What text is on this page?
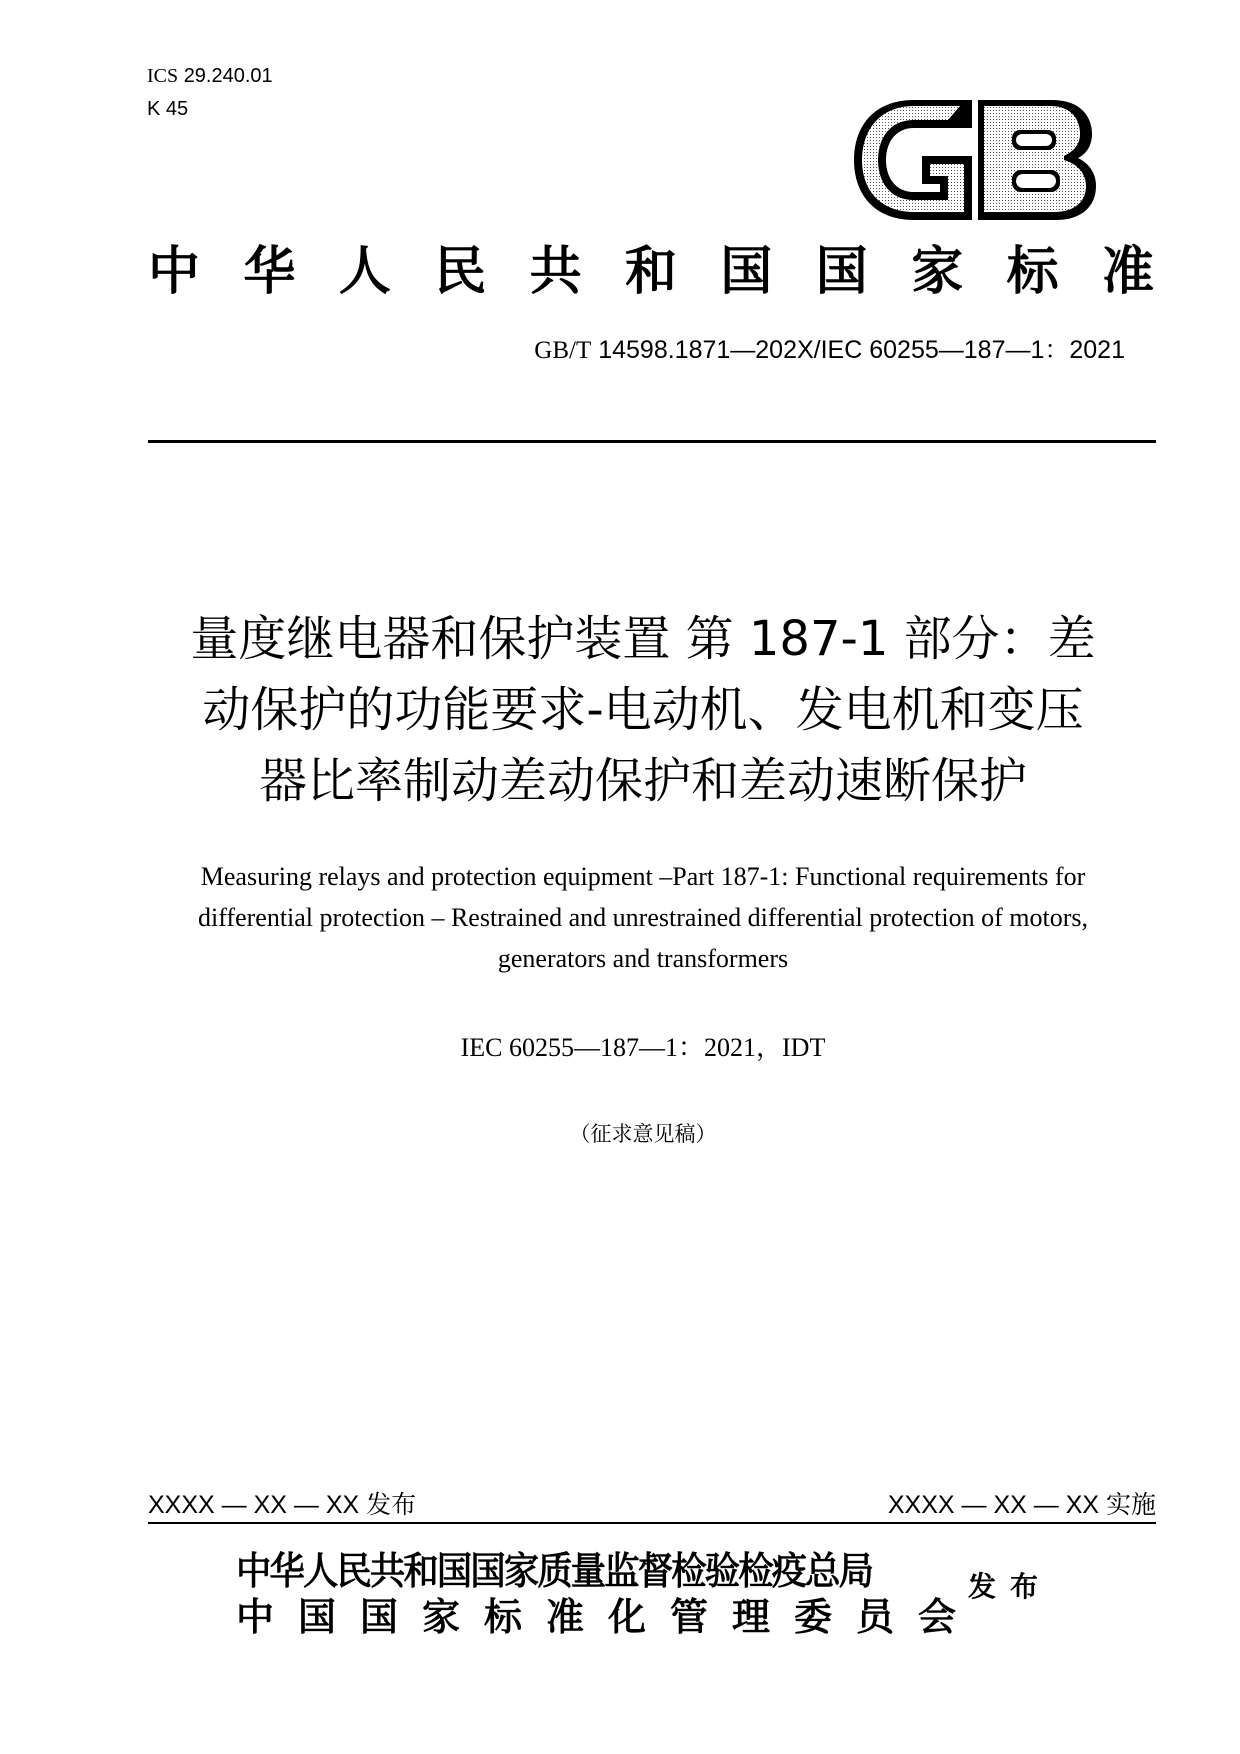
ICS 29.240.01
K 45
中华人民共和国国家标准
GB/T 14598.1871—202X/IEC 60255—187—1：2021
量度继电器和保护装置 第 187-1 部分：差
动保护的功能要求-电动机、发电机和变压
器比率制动差动保护和差动速断保护
Measuring relays and protection equipment –Part 187-1: Functional requirements for
differential protection – Restrained and unrestrained differential protection of motors,
generators and transformers
IEC 60255—187—1：2021，IDT
（征求意见稿）
XXXX — XX — XX 发布	XXXX — XX — XX 实施
中华人民共和国国家质量监督检验检疫总局
中国国家标准化管理委员会
发布
